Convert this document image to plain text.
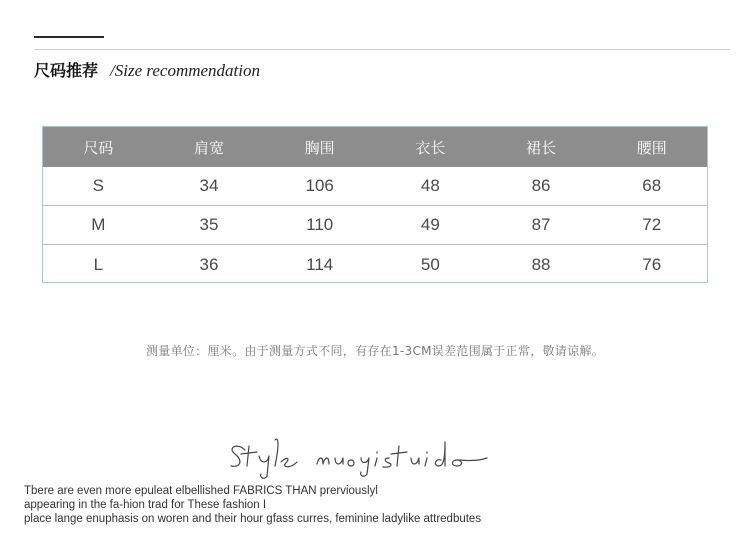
尺码推荐 /Size recommendation
尺码	肩宽	胸围	衣长	裙长	腰围
S	34	106	48	86	68
M	35	110	49	87	72
L	36	114	50	88	76
测量单位：厘米。由于测量方式不同，有存在1-3CM误差范围属于正常，敬请谅解。
Tbere are even more epuleat elbellished FABRICS THAN prerviouslyl
appearing in the fa-hion trad for These fashion I
place lange enuphasis on woren and their hour gfass curres, feminine ladylike attredbutes
